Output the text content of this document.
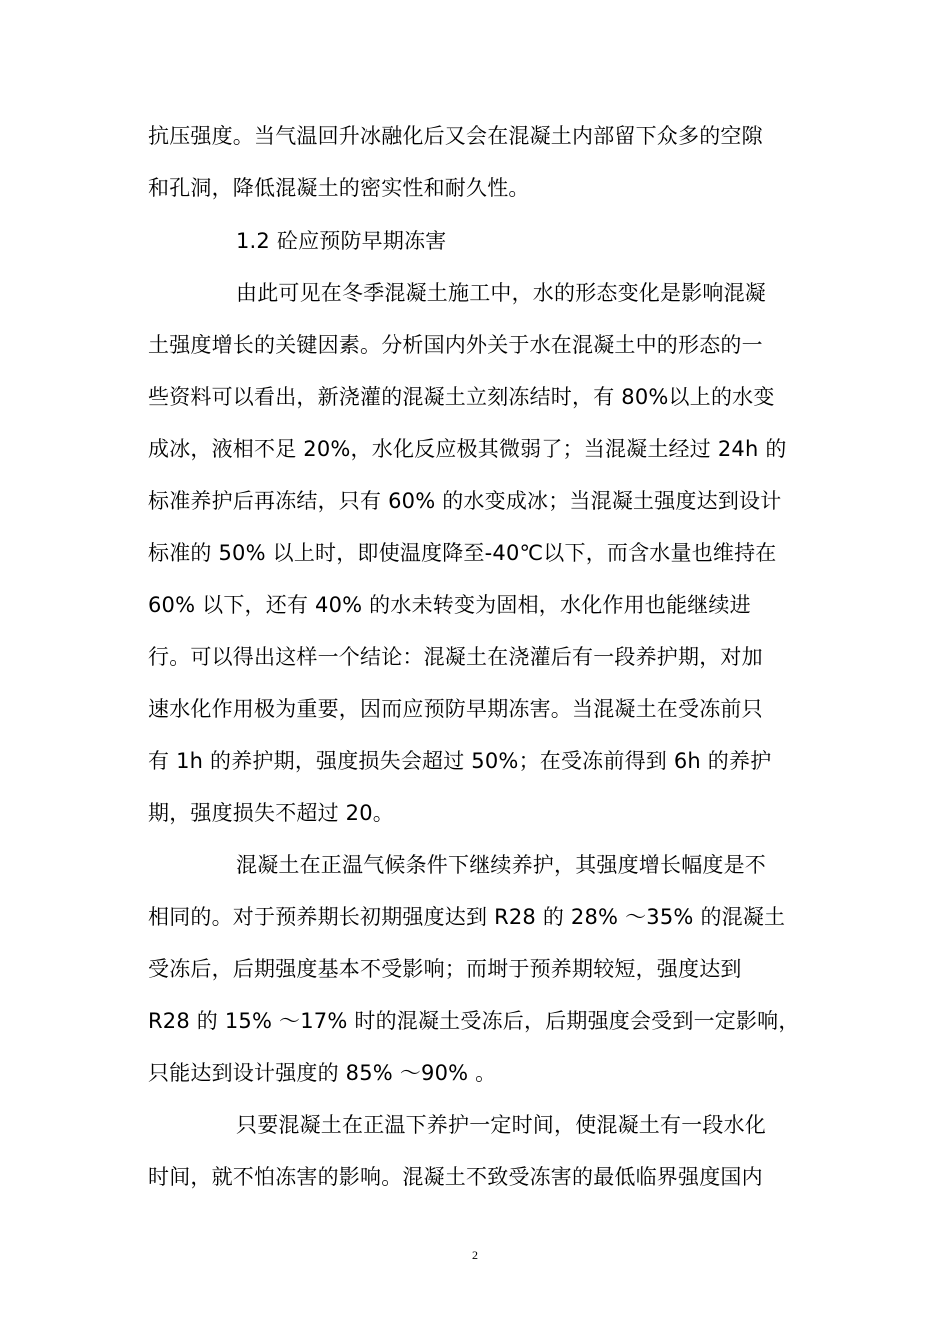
抗压强度。当气温回升冰融化后又会在混凝土内部留下众多的空隙
和孔洞，降低混凝土的密实性和耐久性。
1.2 砼应预防早期冻害
由此可见在冬季混凝土施工中，水的形态变化是影响混凝
土强度增长的关键因素。分析国内外关于水在混凝土中的形态的一
些资料可以看出，新浇灌的混凝土立刻冻结时，有 80%以上的水变
成冰，液相不足 20%，水化反应极其微弱了；当混凝土经过 24h 的
标准养护后再冻结，只有 60% 的水变成冰；当混凝土强度达到设计
标准的 50% 以上时，即使温度降至-40℃以下，而含水量也维持在
60% 以下，还有 40% 的水未转变为固相，水化作用也能继续进
行。可以得出这样一个结论：混凝土在浇灌后有一段养护期，对加
速水化作用极为重要，因而应预防早期冻害。当混凝土在受冻前只
有 1h 的养护期，强度损失会超过 50%；在受冻前得到 6h 的养护
期，强度损失不超过 20。
混凝土在正温气候条件下继续养护，其强度增长幅度是不
相同的。对于预养期长初期强度达到 R28 的 28% ～35% 的混凝土
受冻后，后期强度基本不受影响；而埘于预养期较短，强度达到
R28 的 15% ～17% 时的混凝土受冻后，后期强度会受到一定影响，
只能达到设计强度的 85% ～90% 。
只要混凝土在正温下养护一定时间，使混凝土有一段水化
时间，就不怕冻害的影响。混凝土不致受冻害的最低临界强度国内
2
